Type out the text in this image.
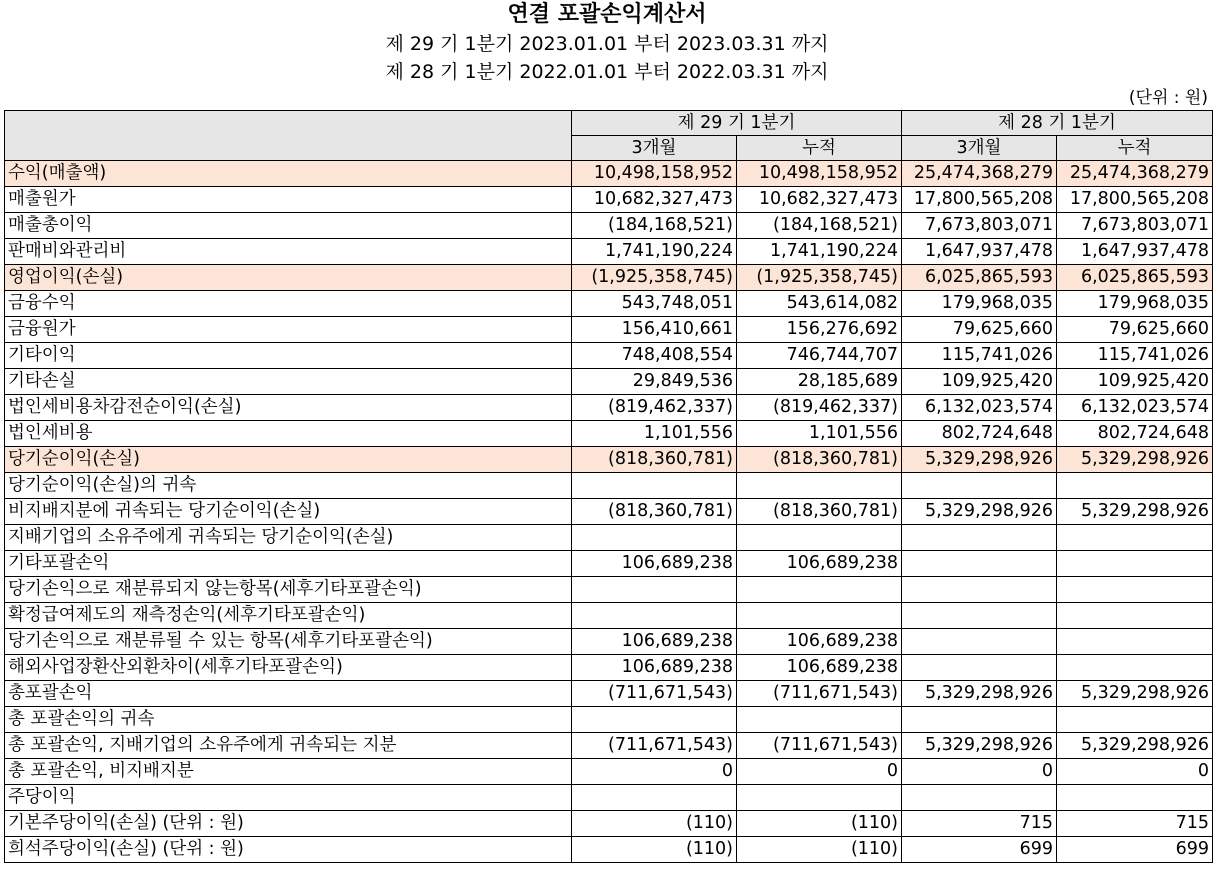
연결 포괄손익계산서
제 29 기 1분기 2023.01.01 부터 2023.03.31 까지
제 28 기 1분기 2022.01.01 부터 2022.03.31 까지
(단위 : 원)
	제 29 기 1분기		제 28 기 1분기	
	3개월	누적	3개월	누적
수익(매출액)	10,498,158,952	10,498,158,952	25,474,368,279	25,474,368,279
매출원가	10,682,327,473	10,682,327,473	17,800,565,208	17,800,565,208
매출총이익	(184,168,521)	(184,168,521)	7,673,803,071	7,673,803,071
판매비와관리비	1,741,190,224	1,741,190,224	1,647,937,478	1,647,937,478
영업이익(손실)	(1,925,358,745)	(1,925,358,745)	6,025,865,593	6,025,865,593
금융수익	543,748,051	543,614,082	179,968,035	179,968,035
금융원가	156,410,661	156,276,692	79,625,660	79,625,660
기타이익	748,408,554	746,744,707	115,741,026	115,741,026
기타손실	29,849,536	28,185,689	109,925,420	109,925,420
법인세비용차감전순이익(손실)	(819,462,337)	(819,462,337)	6,132,023,574	6,132,023,574
법인세비용	1,101,556	1,101,556	802,724,648	802,724,648
당기순이익(손실)	(818,360,781)	(818,360,781)	5,329,298,926	5,329,298,926
당기순이익(손실)의 귀속				
비지배지분에 귀속되는 당기순이익(손실)	(818,360,781)	(818,360,781)	5,329,298,926	5,329,298,926
지배기업의 소유주에게 귀속되는 당기순이익(손실)				
기타포괄손익	106,689,238	106,689,238		
당기손익으로 재분류되지 않는항목(세후기타포괄손익)				
확정급여제도의 재측정손익(세후기타포괄손익)				
당기손익으로 재분류될 수 있는 항목(세후기타포괄손익)	106,689,238	106,689,238		
해외사업장환산외환차이(세후기타포괄손익)	106,689,238	106,689,238		
총포괄손익	(711,671,543)	(711,671,543)	5,329,298,926	5,329,298,926
총 포괄손익의 귀속				
총 포괄손익, 지배기업의 소유주에게 귀속되는 지분	(711,671,543)	(711,671,543)	5,329,298,926	5,329,298,926
총 포괄손익, 비지배지분	0	0	0	0
주당이익				
기본주당이익(손실) (단위 : 원)	(110)	(110)	715	715
희석주당이익(손실) (단위 : 원)	(110)	(110)	699	699
